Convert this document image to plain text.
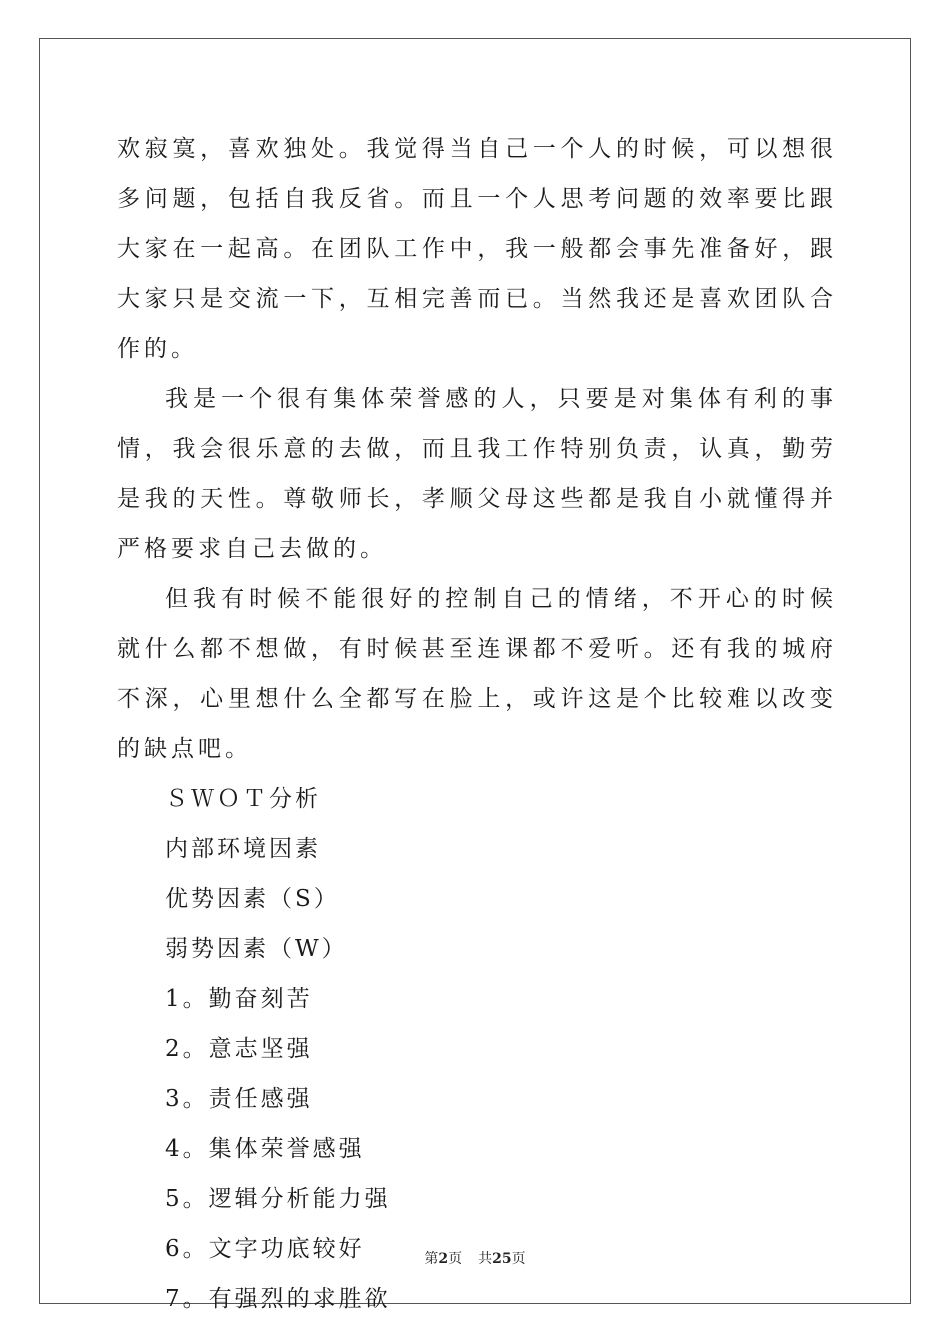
欢寂寞，喜欢独处。我觉得当自己一个人的时候，可以想很多问题，包括自我反省。而且一个人思考问题的效率要比跟大家在一起高。在团队工作中，我一般都会事先准备好，跟大家只是交流一下，互相完善而已。当然我还是喜欢团队合作的。

我是一个很有集体荣誉感的人，只要是对集体有利的事情，我会很乐意的去做，而且我工作特别负责，认真，勤劳是我的天性。尊敬师长，孝顺父母这些都是我自小就懂得并严格要求自己去做的。

但我有时候不能很好的控制自己的情绪，不开心的时候就什么都不想做，有时候甚至连课都不爱听。还有我的城府不深，心里想什么全都写在脸上，或许这是个比较难以改变的缺点吧。

ＳＷＯＴ分析

内部环境因素

优势因素（S）

弱势因素（W）

1。勤奋刻苦

2。意志坚强

3。责任感强

4。集体荣誉感强

5。逻辑分析能力强

6。文字功底较好

7。有强烈的求胜欲

第2页 共25页
